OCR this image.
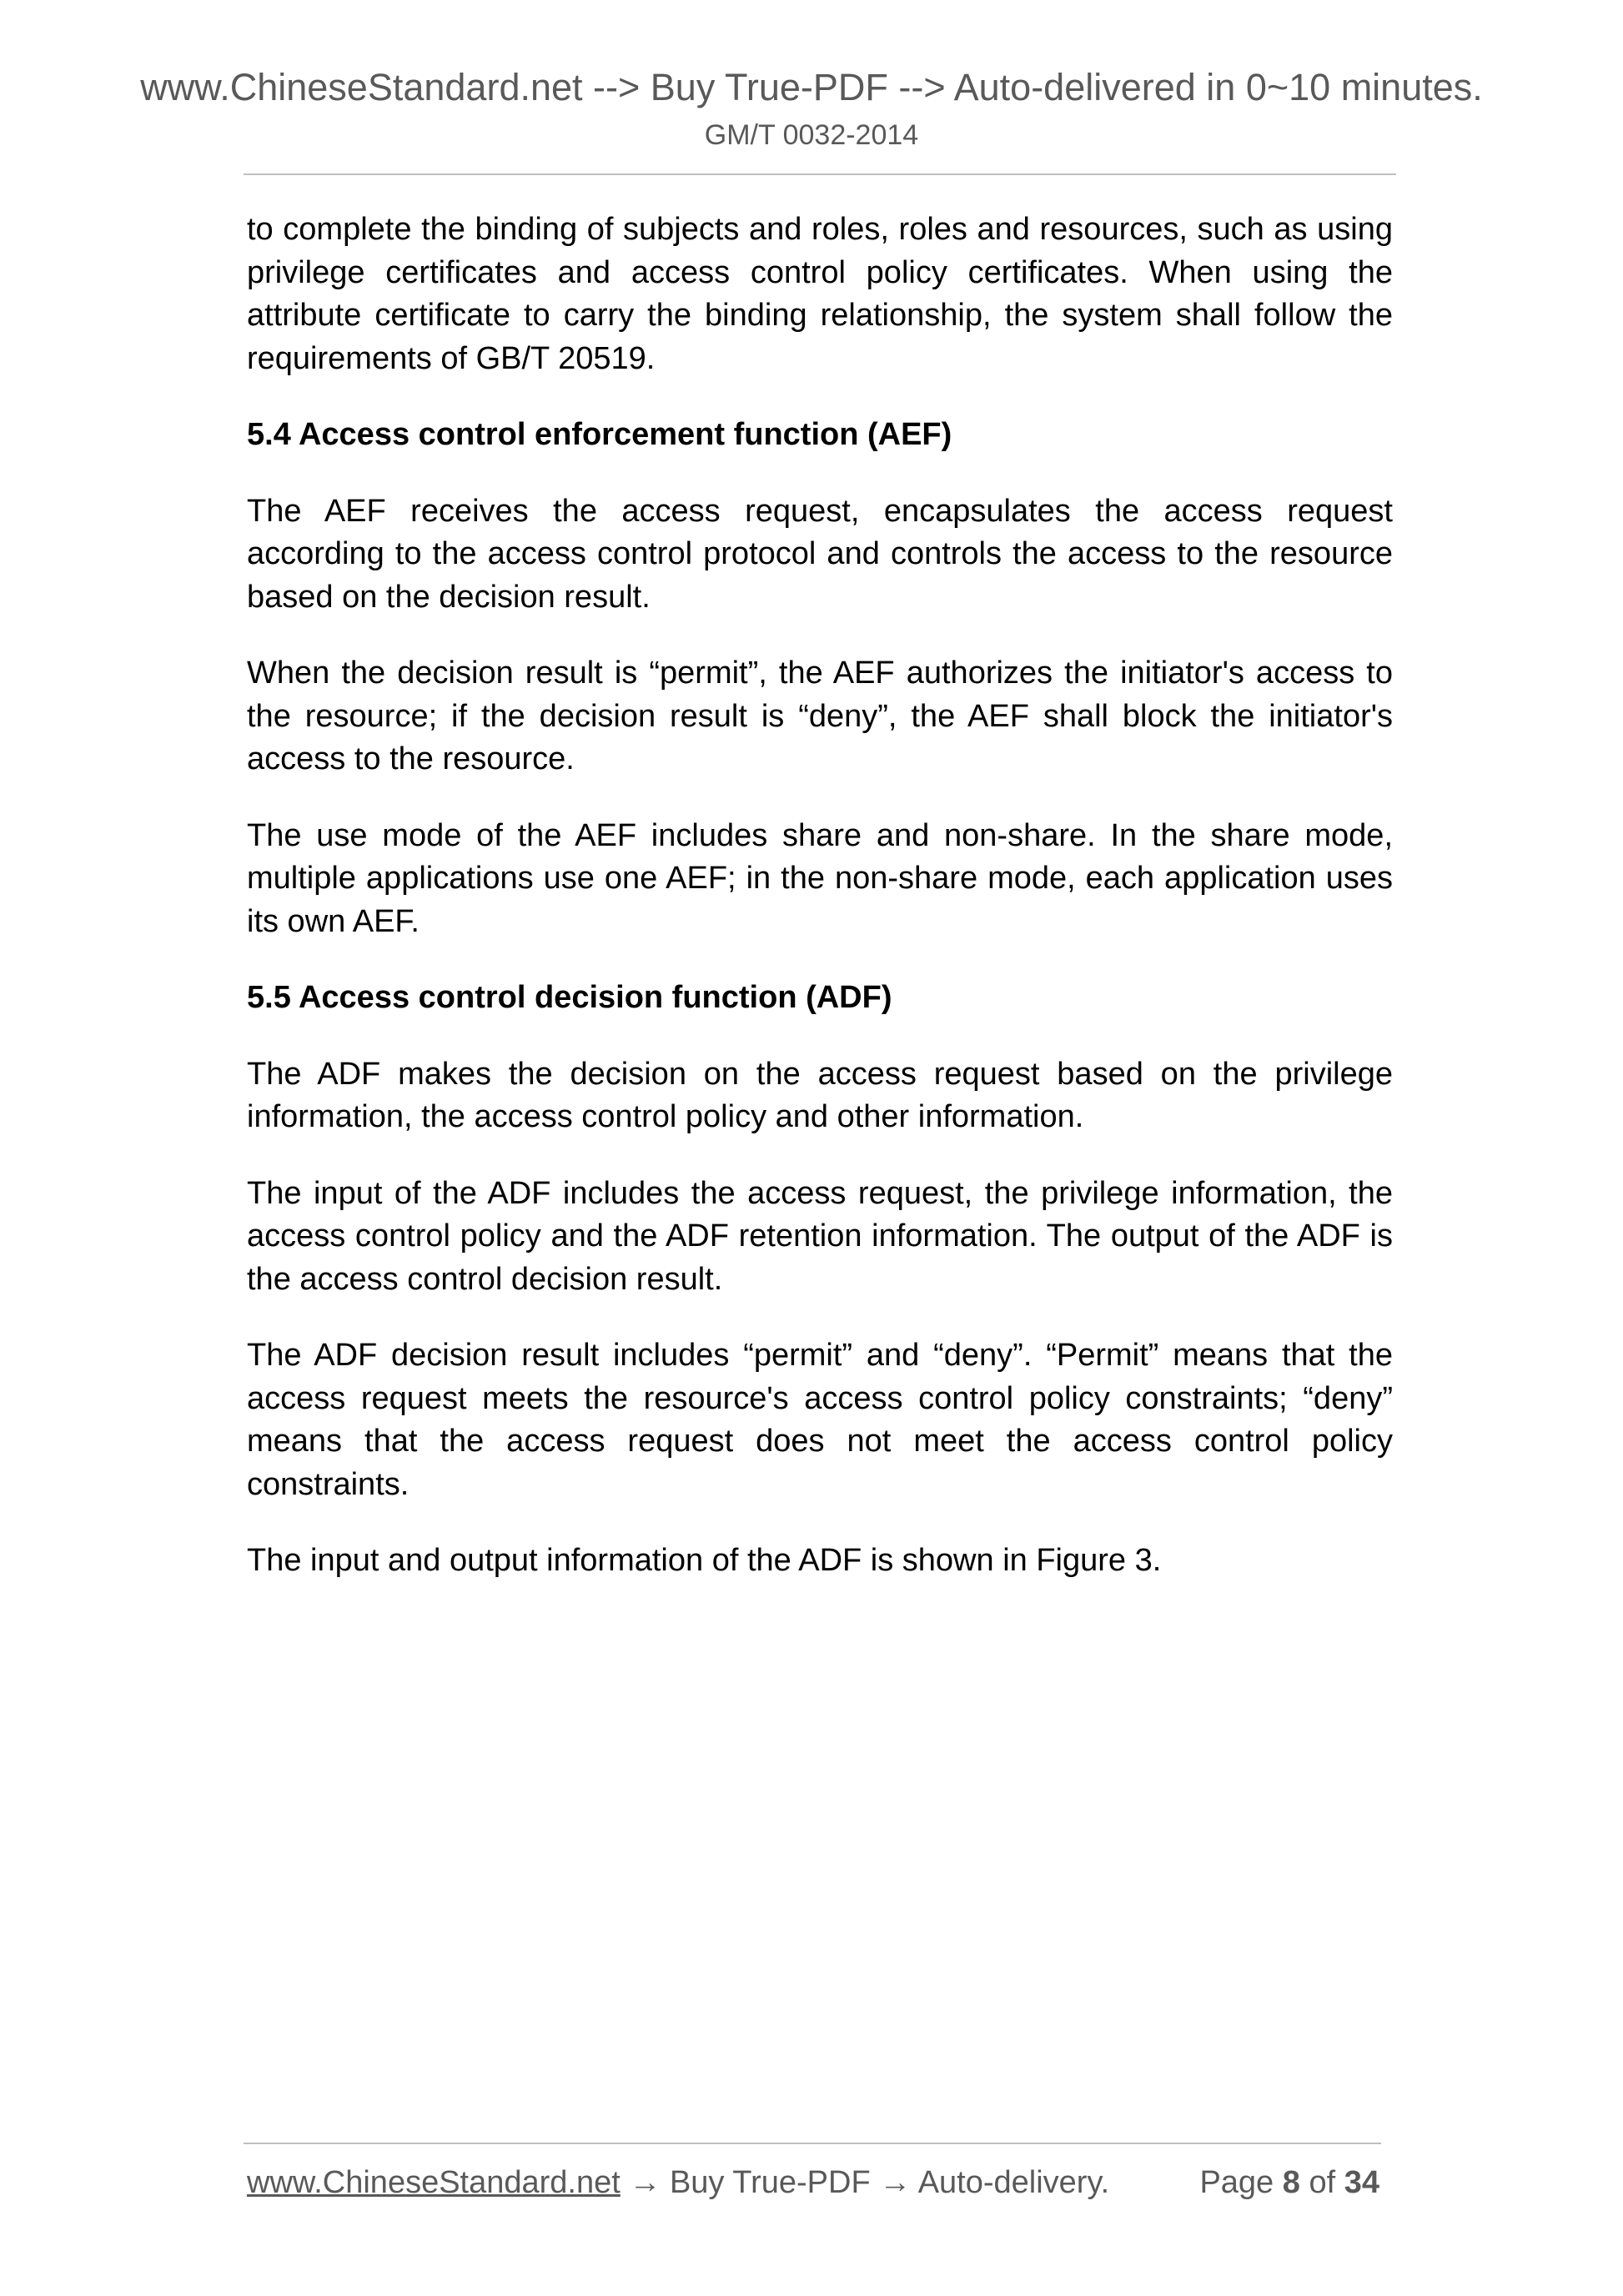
www.ChineseStandard.net --> Buy True-PDF --> Auto-delivered in 0~10 minutes.
GM/T 0032-2014

to complete the binding of subjects and roles, roles and resources, such as using privilege certificates and access control policy certificates. When using the attribute certificate to carry the binding relationship, the system shall follow the requirements of GB/T 20519.

5.4 Access control enforcement function (AEF)

The AEF receives the access request, encapsulates the access request according to the access control protocol and controls the access to the resource based on the decision result.

When the decision result is “permit”, the AEF authorizes the initiator's access to the resource; if the decision result is “deny”, the AEF shall block the initiator's access to the resource.

The use mode of the AEF includes share and non-share. In the share mode, multiple applications use one AEF; in the non-share mode, each application uses its own AEF.

5.5 Access control decision function (ADF)

The ADF makes the decision on the access request based on the privilege information, the access control policy and other information.

The input of the ADF includes the access request, the privilege information, the access control policy and the ADF retention information. The output of the ADF is the access control decision result.

The ADF decision result includes “permit” and “deny”. “Permit” means that the access request meets the resource's access control policy constraints; “deny” means that the access request does not meet the access control policy constraints.

The input and output information of the ADF is shown in Figure 3.

www.ChineseStandard.net → Buy True-PDF → Auto-delivery.	Page 8 of 34
